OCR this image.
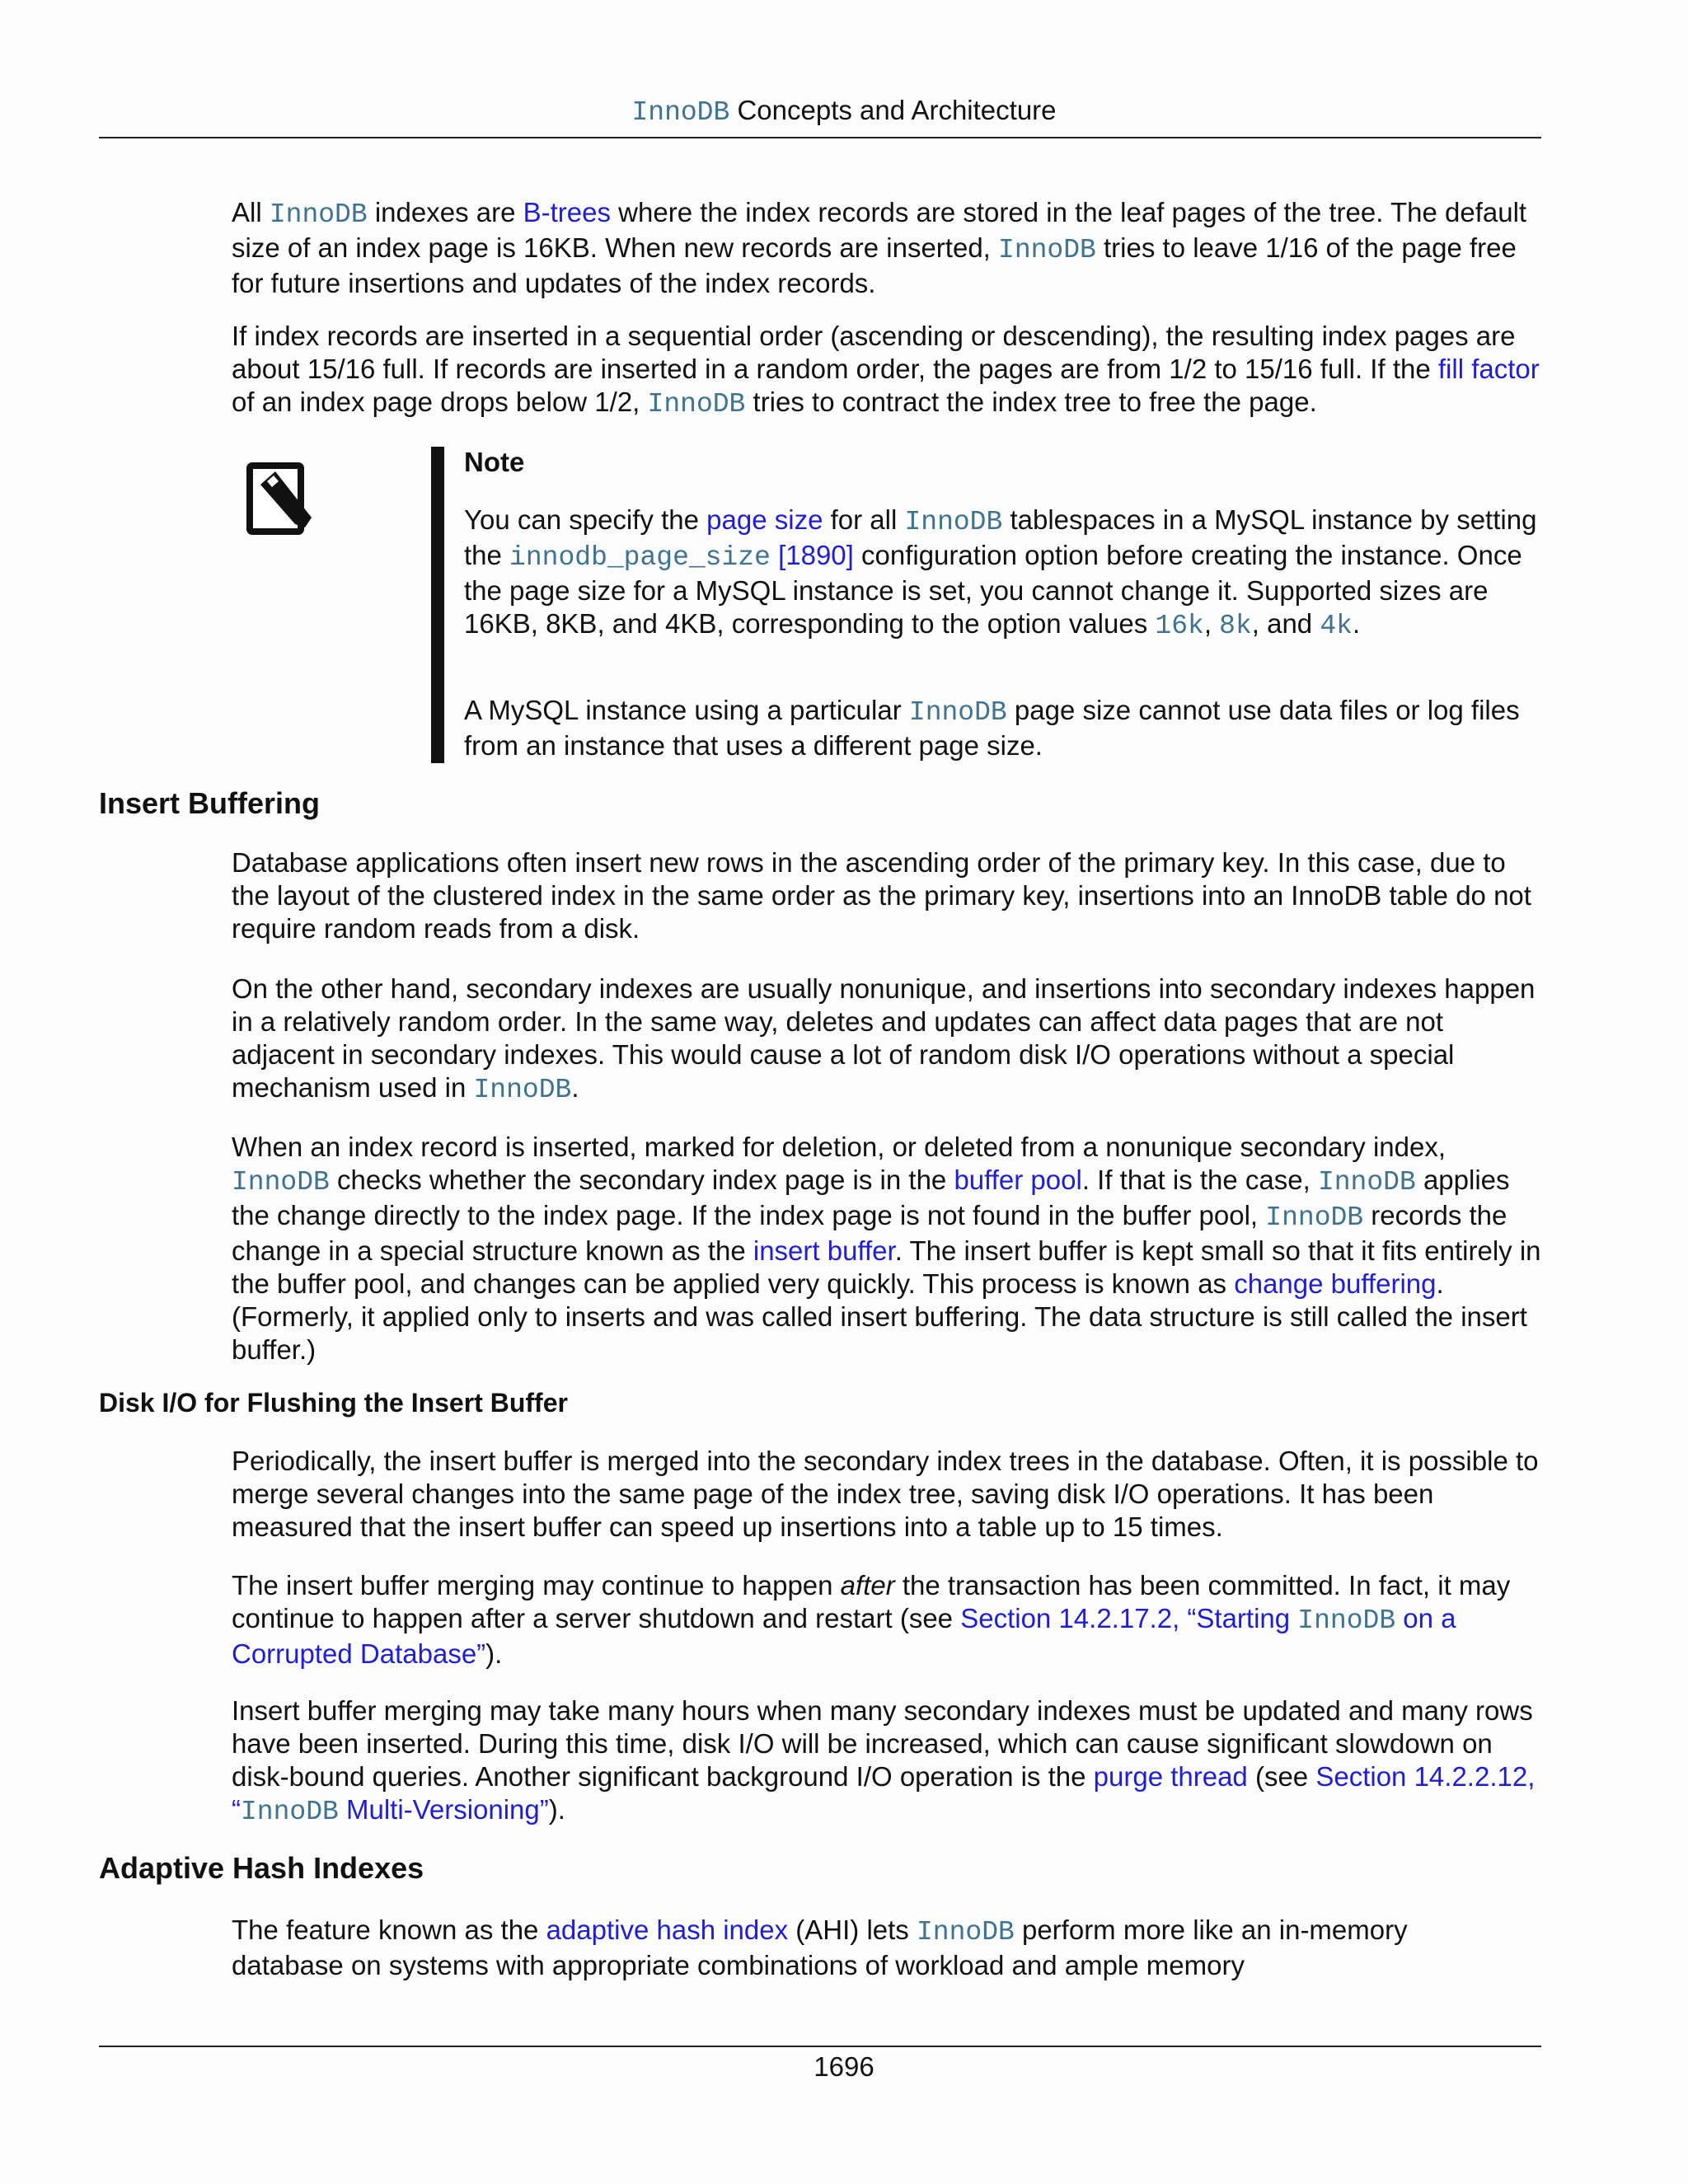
InnoDB Concepts and Architecture

All InnoDB indexes are B-trees where the index records are stored in the leaf pages of the tree. The default size of an index page is 16KB. When new records are inserted, InnoDB tries to leave 1/16 of the page free for future insertions and updates of the index records.

If index records are inserted in a sequential order (ascending or descending), the resulting index pages are about 15/16 full. If records are inserted in a random order, the pages are from 1/2 to 15/16 full. If the fill factor of an index page drops below 1/2, InnoDB tries to contract the index tree to free the page.

Note

You can specify the page size for all InnoDB tablespaces in a MySQL instance by setting the innodb_page_size [1890] configuration option before creating the instance. Once the page size for a MySQL instance is set, you cannot change it. Supported sizes are 16KB, 8KB, and 4KB, corresponding to the option values 16k, 8k, and 4k.

A MySQL instance using a particular InnoDB page size cannot use data files or log files from an instance that uses a different page size.

Insert Buffering

Database applications often insert new rows in the ascending order of the primary key. In this case, due to the layout of the clustered index in the same order as the primary key, insertions into an InnoDB table do not require random reads from a disk.

On the other hand, secondary indexes are usually nonunique, and insertions into secondary indexes happen in a relatively random order. In the same way, deletes and updates can affect data pages that are not adjacent in secondary indexes. This would cause a lot of random disk I/O operations without a special mechanism used in InnoDB.

When an index record is inserted, marked for deletion, or deleted from a nonunique secondary index, InnoDB checks whether the secondary index page is in the buffer pool. If that is the case, InnoDB applies the change directly to the index page. If the index page is not found in the buffer pool, InnoDB records the change in a special structure known as the insert buffer. The insert buffer is kept small so that it fits entirely in the buffer pool, and changes can be applied very quickly. This process is known as change buffering. (Formerly, it applied only to inserts and was called insert buffering. The data structure is still called the insert buffer.)

Disk I/O for Flushing the Insert Buffer

Periodically, the insert buffer is merged into the secondary index trees in the database. Often, it is possible to merge several changes into the same page of the index tree, saving disk I/O operations. It has been measured that the insert buffer can speed up insertions into a table up to 15 times.

The insert buffer merging may continue to happen after the transaction has been committed. In fact, it may continue to happen after a server shutdown and restart (see Section 14.2.17.2, “Starting InnoDB on a Corrupted Database”).

Insert buffer merging may take many hours when many secondary indexes must be updated and many rows have been inserted. During this time, disk I/O will be increased, which can cause significant slowdown on disk-bound queries. Another significant background I/O operation is the purge thread (see Section 14.2.2.12, “InnoDB Multi-Versioning”).

Adaptive Hash Indexes

The feature known as the adaptive hash index (AHI) lets InnoDB perform more like an in-memory database on systems with appropriate combinations of workload and ample memory

1696
